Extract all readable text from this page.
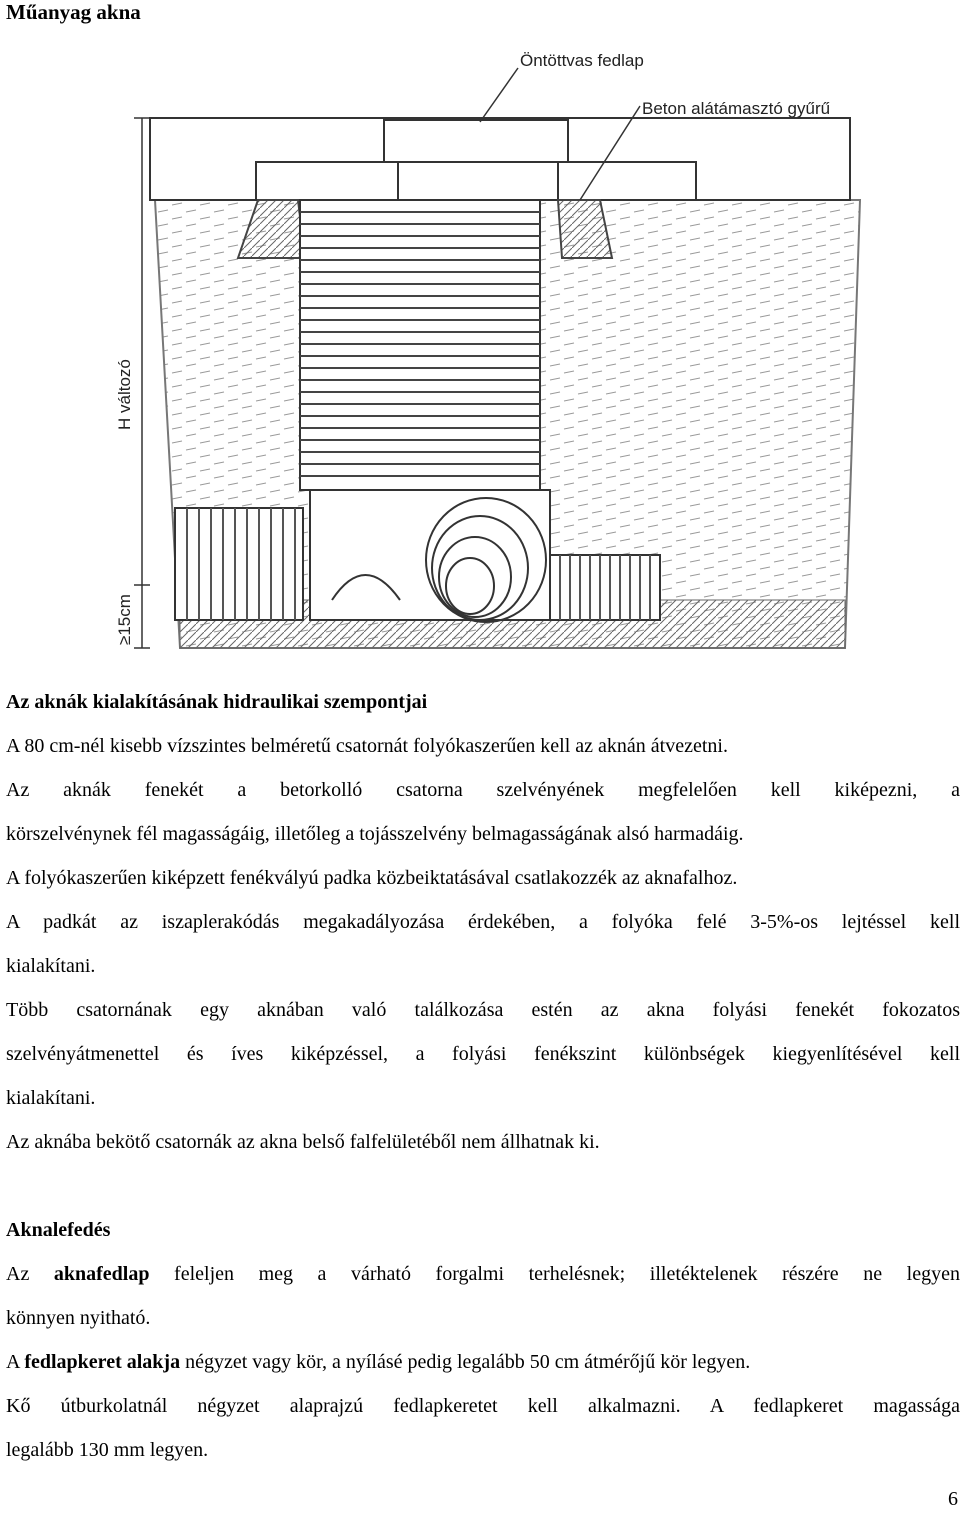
Műanyag akna
H változó
≥15cm
Öntöttvas fedlap
Beton alátámasztó gyűrű

Az aknák kialakításának hidraulikai szempontjai

A 80 cm-nél kisebb vízszintes belméretű csatornát folyókaszerűen kell az aknán átvezetni.

Az aknák fenekét a betorkolló csatorna szelvényének megfelelően kell kiképezni, a

körszelvénynek fél magasságáig, illetőleg a tojásszelvény belmagasságának alsó harmadáig.

A folyókaszerűen kiképzett fenékvályú padka közbeiktatásával csatlakozzék az aknafalhoz.

A padkát az iszaplerakódás megakadályozása érdekében, a folyóka felé 3-5%-os lejtéssel kell

kialakítani.

Több csatornának egy aknában való találkozása estén az akna folyási fenekét fokozatos

szelvényátmenettel és íves kiképzéssel, a folyási fenékszint különbségek kiegyenlítésével kell

kialakítani.

Az aknába bekötő csatornák az akna belső falfelületéből nem állhatnak ki.

Aknalefedés

Az aknafedlap feleljen meg a várható forgalmi terhelésnek; illetéktelenek részére ne legyen

könnyen nyitható.

A fedlapkeret alakja négyzet vagy kör, a nyílásé pedig legalább 50 cm átmérőjű kör legyen.

Kő útburkolatnál négyzet alaprajzú fedlapkeretet kell alkalmazni. A fedlapkeret magassága

legalább 130 mm legyen.

6
